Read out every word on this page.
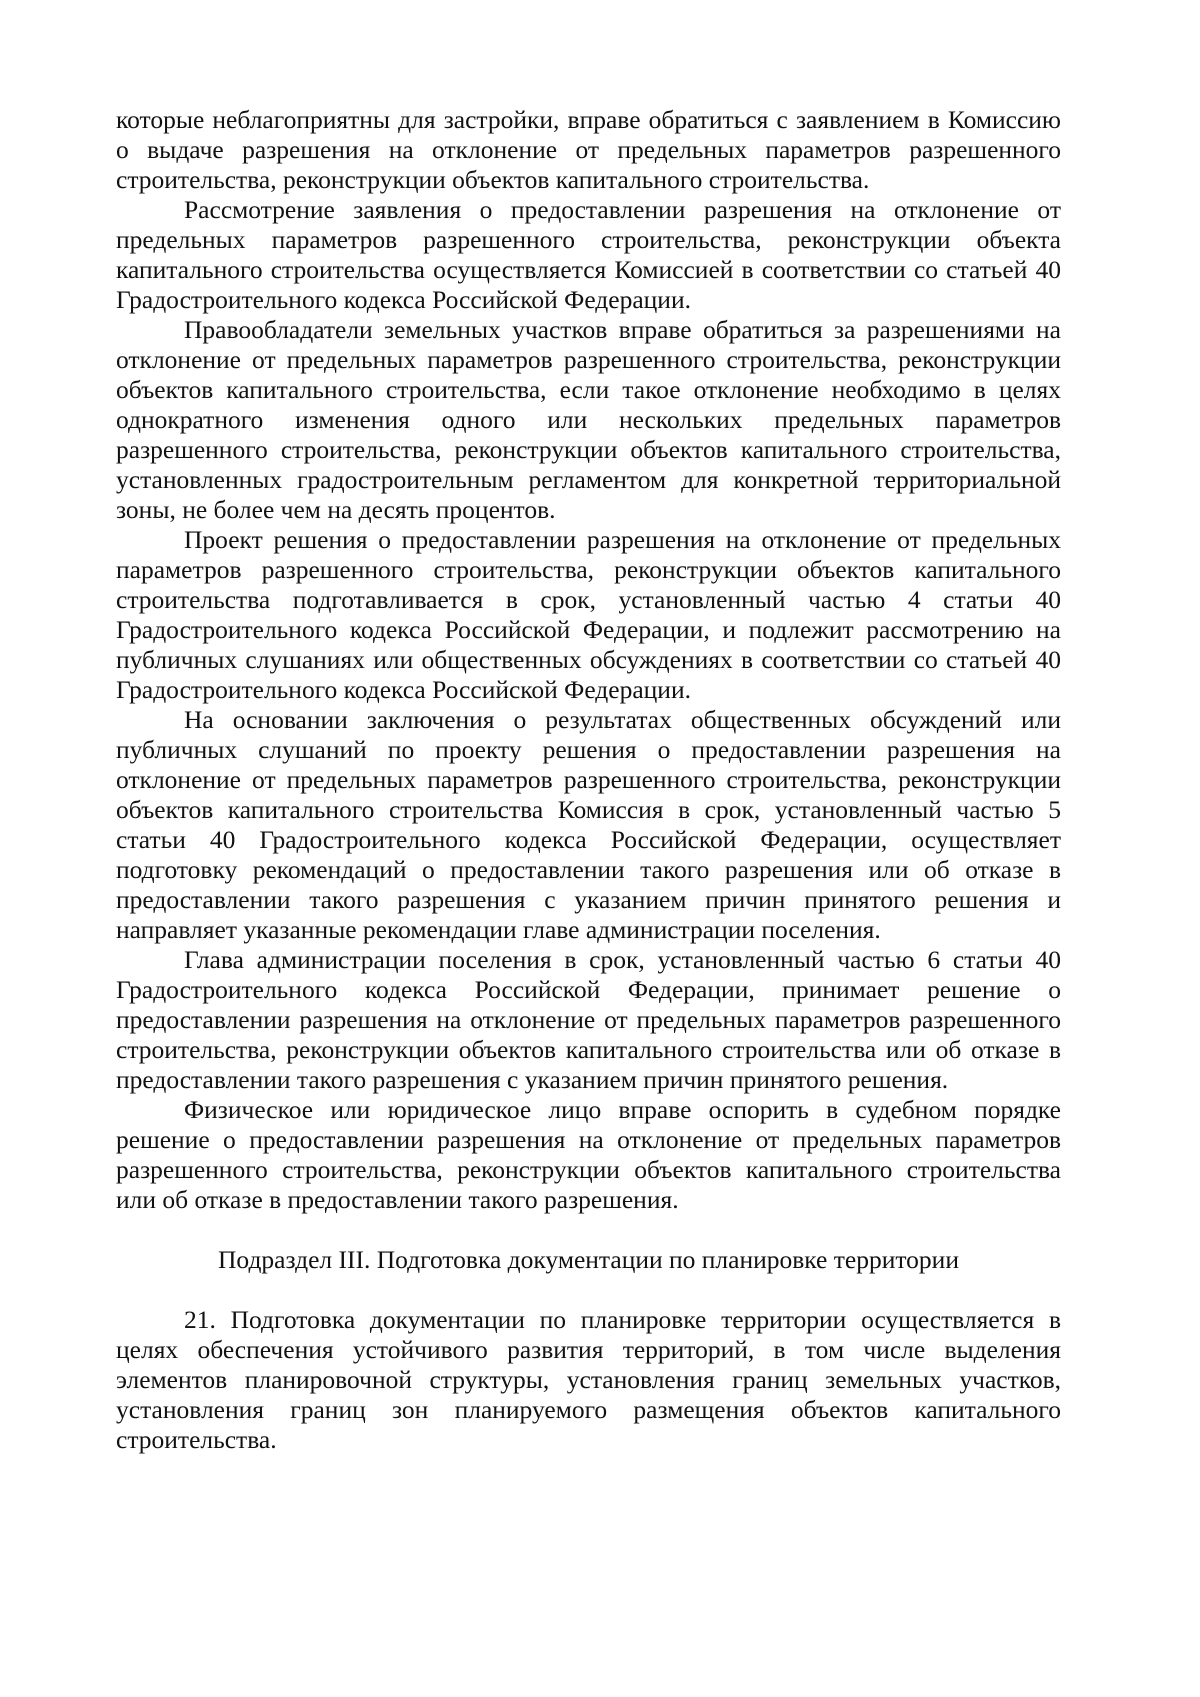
которые неблагоприятны для застройки, вправе обратиться с заявлением в Комиссию о выдаче разрешения на отклонение от предельных параметров разрешенного строительства, реконструкции объектов капитального строительства.

Рассмотрение заявления о предоставлении разрешения на отклонение от предельных параметров разрешенного строительства, реконструкции объекта капитального строительства осуществляется Комиссией в соответствии со статьей 40 Градостроительного кодекса Российской Федерации.

Правообладатели земельных участков вправе обратиться за разрешениями на отклонение от предельных параметров разрешенного строительства, реконструкции объектов капитального строительства, если такое отклонение необходимо в целях однократного изменения одного или нескольких предельных параметров разрешенного строительства, реконструкции объектов капитального строительства, установленных градостроительным регламентом для конкретной территориальной зоны, не более чем на десять процентов.

Проект решения о предоставлении разрешения на отклонение от предельных параметров разрешенного строительства, реконструкции объектов капитального строительства подготавливается в срок, установленный частью 4 статьи 40 Градостроительного кодекса Российской Федерации, и подлежит рассмотрению на публичных слушаниях или общественных обсуждениях в соответствии со статьей 40 Градостроительного кодекса Российской Федерации.

На основании заключения о результатах общественных обсуждений или публичных слушаний по проекту решения о предоставлении разрешения на отклонение от предельных параметров разрешенного строительства, реконструкции объектов капитального строительства Комиссия в срок, установленный частью 5 статьи 40 Градостроительного кодекса Российской Федерации, осуществляет подготовку рекомендаций о предоставлении такого разрешения или об отказе в предоставлении такого разрешения с указанием причин принятого решения и направляет указанные рекомендации главе администрации поселения.

Глава администрации поселения в срок, установленный частью 6 статьи 40 Градостроительного кодекса Российской Федерации, принимает решение о предоставлении разрешения на отклонение от предельных параметров разрешенного строительства, реконструкции объектов капитального строительства или об отказе в предоставлении такого разрешения с указанием причин принятого решения.

Физическое или юридическое лицо вправе оспорить в судебном порядке решение о предоставлении разрешения на отклонение от предельных параметров разрешенного строительства, реконструкции объектов капитального строительства или об отказе в предоставлении такого разрешения.

Подраздел III. Подготовка документации по планировке территории

21. Подготовка документации по планировке территории осуществляется в целях обеспечения устойчивого развития территорий, в том числе выделения элементов планировочной структуры, установления границ земельных участков, установления границ зон планируемого размещения объектов капитального строительства.
